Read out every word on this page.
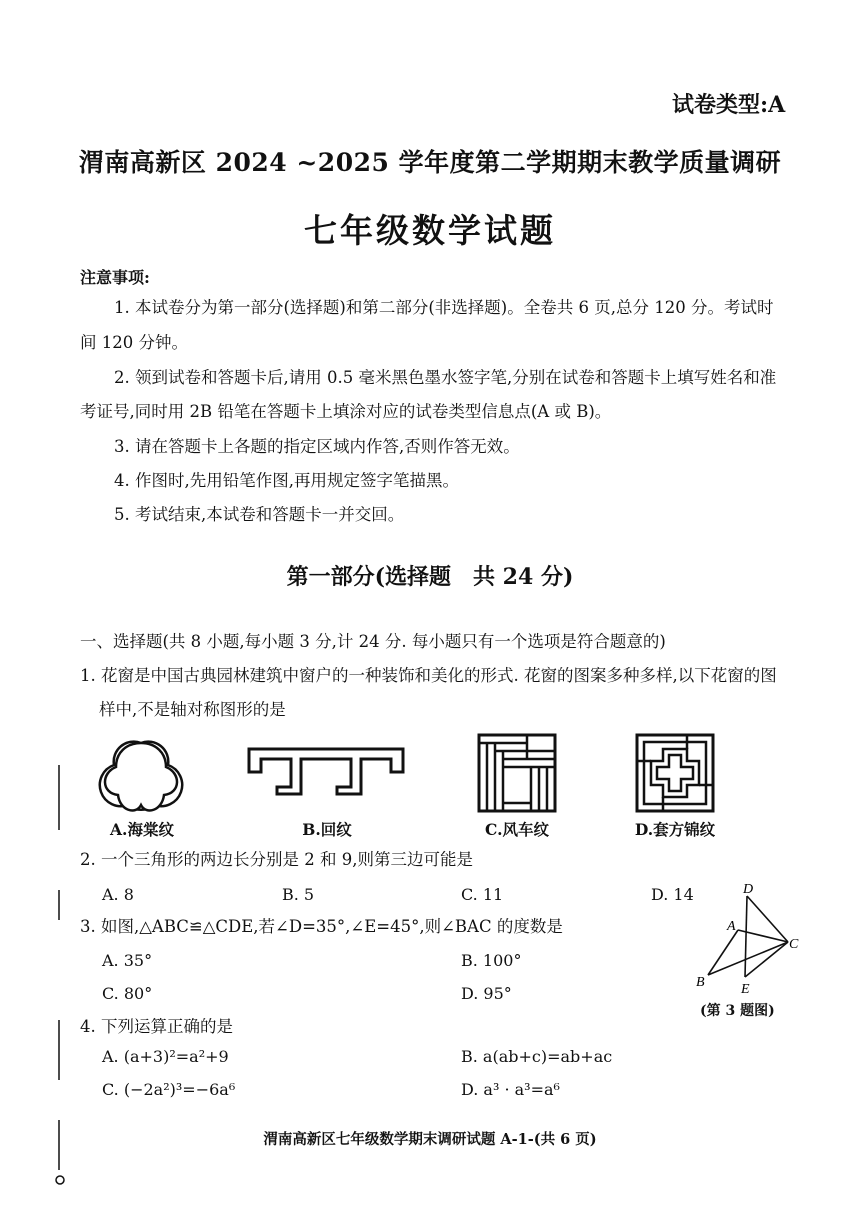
试卷类型:A
渭南高新区 2024 ~2025 学年度第二学期期末教学质量调研
七年级数学试题
注意事项:
1. 本试卷分为第一部分(选择题)和第二部分(非选择题)。全卷共 6 页,总分 120 分。考试时
间 120 分钟。
2. 领到试卷和答题卡后,请用 0.5 毫米黑色墨水签字笔,分别在试卷和答题卡上填写姓名和准
考证号,同时用 2B 铅笔在答题卡上填涂对应的试卷类型信息点(A 或 B)。
3. 请在答题卡上各题的指定区域内作答,否则作答无效。
4. 作图时,先用铅笔作图,再用规定签字笔描黑。
5. 考试结束,本试卷和答题卡一并交回。
第一部分(选择题　共 24 分)
一、选择题(共 8 小题,每小题 3 分,计 24 分. 每小题只有一个选项是符合题意的)
1. 花窗是中国古典园林建筑中窗户的一种装饰和美化的形式. 花窗的图案多种多样,以下花窗的图
样中,不是轴对称图形的是
A.海棠纹	B.回纹	C.风车纹	D.套方锦纹
2. 一个三角形的两边长分别是 2 和 9,则第三边可能是
A. 8	B. 5	C. 11	D. 14
3. 如图,△ABC≌△CDE,若∠D=35°,∠E=45°,则∠BAC 的度数是
A. 35°	B. 100°
C. 80°	D. 95°
D
A
C
B	E
(第 3 题图)
4. 下列运算正确的是
A. (a+3)²=a²+9	B. a(ab+c)=ab+ac
C. (−2a²)³=−6a⁶	D. a³ · a³=a⁶
渭南高新区七年级数学期末调研试题 A-1-(共 6 页)
